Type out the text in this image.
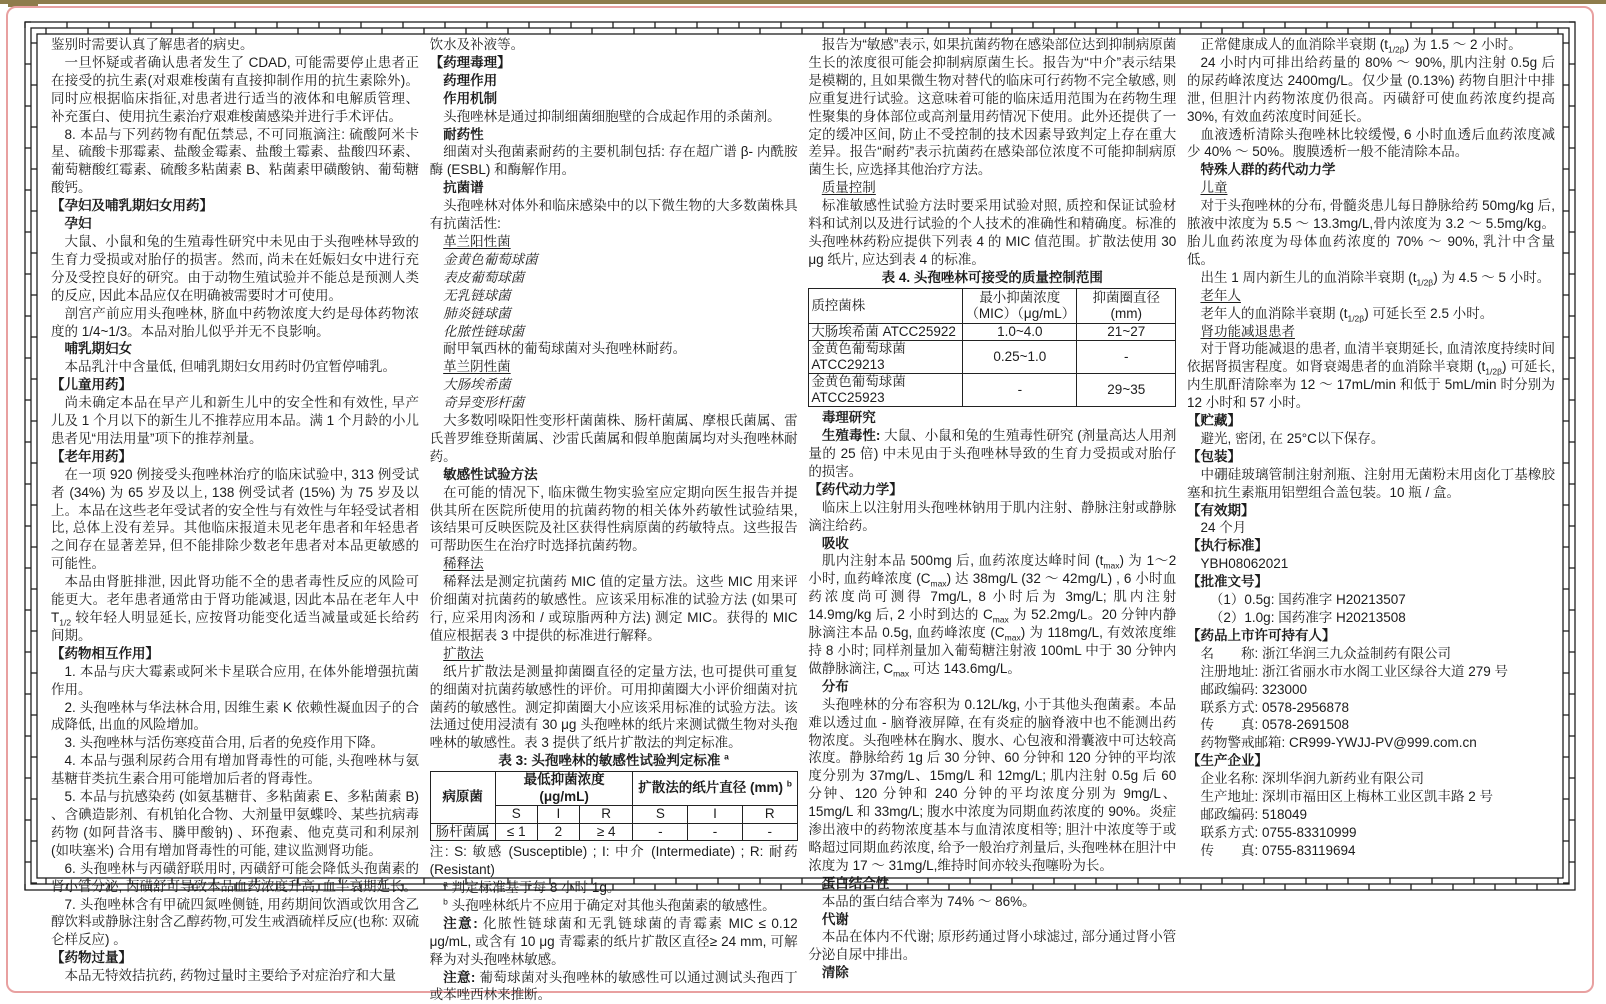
鉴别时需要认真了解患者的病史。
一旦怀疑或者确认患者发生了 CDAD, 可能需要停止患者正在接受的抗生素(对艰难梭菌有直接抑制作用的抗生素除外)。同时应根据临床指征,对患者进行适当的液体和电解质管理、补充蛋白、使用抗生素治疗艰难梭菌感染并进行手术评估。
8. 本品与下列药物有配伍禁忌, 不可同瓶滴注: 硫酸阿米卡星、硫酸卡那霉素、盐酸金霉素、盐酸土霉素、盐酸四环素、葡萄糖酸红霉素、硫酸多粘菌素 B、粘菌素甲磺酸钠、葡萄糖酸钙。
【孕妇及哺乳期妇女用药】
孕妇
大鼠、小鼠和兔的生殖毒性研究中未见由于头孢唑林导致的生育力受损或对胎仔的损害。然而, 尚未在妊娠妇女中进行充分及受控良好的研究。由于动物生殖试验并不能总是预测人类的反应, 因此本品应仅在明确被需要时才可使用。
剖宫产前应用头孢唑林, 脐血中药物浓度大约是母体药物浓度的 1/4~1/3。本品对胎儿似乎并无不良影响。
哺乳期妇女
本品乳汁中含量低, 但哺乳期妇女用药时仍宜暂停哺乳。
【儿童用药】
尚未确定本品在早产儿和新生儿中的安全性和有效性, 早产儿及 1 个月以下的新生儿不推荐应用本品。满 1 个月龄的小儿患者见“用法用量”项下的推荐剂量。
【老年用药】
在一项 920 例接受头孢唑林治疗的临床试验中, 313 例受试者 (34%) 为 65 岁及以上, 138 例受试者 (15%) 为 75 岁及以上。本品在这些老年受试者的安全性与有效性与年轻受试者相比, 总体上没有差异。其他临床报道未见老年患者和年轻患者之间存在显著差异, 但不能排除少数老年患者对本品更敏感的可能性。
本品由肾脏排泄, 因此肾功能不全的患者毒性反应的风险可能更大。老年患者通常由于肾功能减退, 因此本品在老年人中 $T_{1/2}$ 较年轻人明显延长, 应按肾功能变化适当减量或延长给药间期。
【药物相互作用】
1. 本品与庆大霉素或阿米卡星联合应用, 在体外能增强抗菌作用。
2. 头孢唑林与华法林合用, 因维生素 K 依赖性凝血因子的合成降低, 出血的风险增加。
3. 头孢唑林与活伤寒疫苗合用, 后者的免疫作用下降。
4. 本品与强利尿药合用有增加肾毒性的可能, 头孢唑林与氨基糖苷类抗生素合用可能增加后者的肾毒性。
5. 本品与抗感染药 (如氨基糖苷、多粘菌素 E、多粘菌素 B) 、含碘造影剂、有机铂化合物、大剂量甲氨蝶呤、某些抗病毒药物 (如阿昔洛韦、膦甲酸钠) 、环孢素、他克莫司和利尿剂 (如呋塞米) 合用有增加肾毒性的可能, 建议监测肾功能。
6. 头孢唑林与丙磺舒联用时, 丙磺舒可能会降低头孢菌素的肾小管分泌, 丙磺舒可导致本品血药浓度升高, 血半衰期延长。
7. 头孢唑林含有甲硫四氮唑侧链, 用药期间饮酒或饮用含乙醇饮料或静脉注射含乙醇药物,可发生戒酒硫样反应(也称: 双硫仑样反应) 。
【药物过量】
本品无特效拮抗药, 药物过量时主要给予对症治疗和大量
饮水及补液等。
【药理毒理】
药理作用
作用机制
头孢唑林是通过抑制细菌细胞壁的合成起作用的杀菌剂。
耐药性
细菌对头孢菌素耐药的主要机制包括: 存在超广谱 β- 内酰胺酶 (ESBL) 和酶解作用。
抗菌谱
头孢唑林对体外和临床感染中的以下微生物的大多数菌株具有抗菌活性:
革兰阳性菌
金黄色葡萄球菌
表皮葡萄球菌
无乳链球菌
肺炎链球菌
化脓性链球菌
耐甲氧西林的葡萄球菌对头孢唑林耐药。
革兰阴性菌
大肠埃希菌
奇异变形杆菌
大多数吲哚阳性变形杆菌菌株、肠杆菌属、摩根氏菌属、雷氏普罗维登斯菌属、沙雷氏菌属和假单胞菌属均对头孢唑林耐药。
敏感性试验方法
在可能的情况下, 临床微生物实验室应定期向医生报告并提供其所在医院所使用的抗菌药物的相关体外药敏性试验结果, 该结果可反映医院及社区获得性病原菌的药敏特点。这些报告可帮助医生在治疗时选择抗菌药物。
稀释法
稀释法是测定抗菌药 MIC 值的定量方法。这些 MIC 用来评价细菌对抗菌药的敏感性。应该采用标准的试验方法 (如果可行, 应采用肉汤和 / 或琼脂两种方法) 测定 MIC。获得的 MIC 值应根据表 3 中提供的标准进行解释。
扩散法
纸片扩散法是测量抑菌圈直径的定量方法, 也可提供可重复的细菌对抗菌药敏感性的评价。可用抑菌圈大小评价细菌对抗菌药的敏感性。测定抑菌圈大小应该采用标准的试验方法。该法通过使用浸渍有 30 μg 头孢唑林的纸片来测试微生物对头孢唑林的敏感性。表 3 提供了纸片扩散法的判定标准。
表 3: 头孢唑林的敏感性试验判定标准 $^a$
病原菌	最低抑菌浓度 (μg/mL)			扩散法的纸片直径 (mm) $^b$
	S	I	R	S	I	R
肠杆菌属	≤ 1	2	≥ 4	-	-	-
注: S: 敏感 (Susceptible) ; I: 中介 (Intermediate) ; R: 耐药 (Resistant)
$^a$ 判定标准基于每 8 小时 1g。
$^b$ 头孢唑林纸片不应用于确定对其他头孢菌素的敏感性。
注意: 化脓性链球菌和无乳链球菌的青霉素 MIC ≤ 0.12 μg/mL, 或含有 10 μg 青霉素的纸片扩散区直径≥ 24 mm, 可解释为对头孢唑林敏感。
注意: 葡萄球菌对头孢唑林的敏感性可以通过测试头孢西丁或苯唑西林来推断。
报告为“敏感”表示, 如果抗菌药物在感染部位达到抑制病原菌生长的浓度很可能会抑制病原菌生长。报告为“中介”表示结果是模糊的, 且如果微生物对替代的临床可行药物不完全敏感, 则应重复进行试验。这意味着可能的临床适用范围为在药物生理性聚集的身体部位或高剂量用药情况下使用。此外还提供了一定的缓冲区间, 防止不受控制的技术因素导致判定上存在重大差异。报告“耐药”表示抗菌药在感染部位浓度不可能抑制病原菌生长, 应选择其他治疗方法。
质量控制
标准敏感性试验方法时要采用试验对照, 质控和保证试验材料和试剂以及进行试验的个人技术的准确性和精确度。标准的头孢唑林药粉应提供下列表 4 的 MIC 值范围。扩散法使用 30 μg 纸片, 应达到表 4 的标准。
表 4. 头孢唑林可接受的质量控制范围
质控菌株	最小抑菌浓度
（MIC）（μg/mL）	抑菌圈直径(mm)
大肠埃希菌 ATCC25922	1.0~4.0	21~27
金黄色葡萄球菌
ATCC29213	0.25~1.0	-
金黄色葡萄球菌
ATCC25923	-	29~35
毒理研究
生殖毒性: 大鼠、小鼠和兔的生殖毒性研究 (剂量高达人用剂量的 25 倍) 中未见由于头孢唑林导致的生育力受损或对胎仔的损害。
【药代动力学】
临床上以注射用头孢唑林钠用于肌内注射、静脉注射或静脉滴注给药。
吸收
肌内注射本品 500mg 后, 血药浓度达峰时间 $(t_{max})$ 为 1～2 小时, 血药峰浓度 $(C_{max})$ 达 38mg/L (32 ～ 42mg/L) , 6 小时血药浓度尚可测得 7mg/L, 8 小时后为 3mg/L; 肌内注射 14.9mg/kg 后, 2 小时到达的 $C_{max}$ 为 52.2mg/L。20 分钟内静脉滴注本品 0.5g, 血药峰浓度 $(C_{max})$ 为 118mg/L, 有效浓度维持 8 小时; 同样剂量加入葡萄糖注射液 100mL 中于 30 分钟内做静脉滴注, $C_{max}$ 可达 143.6mg/L。
分布
头孢唑林的分布容积为 0.12L/kg, 小于其他头孢菌素。本品难以透过血 - 脑脊液屏障, 在有炎症的脑脊液中也不能测出药物浓度。头孢唑林在胸水、腹水、心包液和滑囊液中可达较高浓度。静脉给药 1g 后 30 分钟、60 分钟和 120 分钟的平均浓度分别为 37mg/L、15mg/L 和 12mg/L; 肌内注射 0.5g 后 60 分钟、120 分钟和 240 分钟的平均浓度分别为 9mg/L、15mg/L 和 33mg/L; 腹水中浓度为同期血药浓度的 90%。炎症渗出液中的药物浓度基本与血清浓度相等; 胆汁中浓度等于或略超过同期血药浓度, 给予一般治疗剂量后, 头孢唑林在胆汁中浓度为 17 ～ 31mg/L,维持时间亦较头孢噻吩为长。
蛋白结合性
本品的蛋白结合率为 74% ～ 86%。
代谢
本品在体内不代谢; 原形药通过肾小球滤过, 部分通过肾小管分泌自尿中排出。
清除
正常健康成人的血消除半衰期 $(t_{1/2\beta})$ 为 1.5 ～ 2 小时。
24 小时内可排出给药量的 80% ～ 90%, 肌内注射 0.5g 后的尿药峰浓度达 2400mg/L。仅少量 (0.13%) 药物自胆汁中排泄, 但胆汁内药物浓度仍很高。丙磺舒可使血药浓度约提高 30%, 有效血药浓度时间延长。
血液透析清除头孢唑林比较缓慢, 6 小时血透后血药浓度减少 40% ～ 50%。腹膜透析一般不能清除本品。
特殊人群的药代动力学
儿童
对于头孢唑林的分布, 骨髓炎患儿每日静脉给药 50mg/kg 后,脓液中浓度为 5.5 ～ 13.3mg/L,骨内浓度为 3.2 ～ 5.5mg/kg。胎儿血药浓度为母体血药浓度的 70% ～ 90%, 乳汁中含量低。
出生 1 周内新生儿的血消除半衰期 $(t_{1/2\beta})$ 为 4.5 ～ 5 小时。
老年人
老年人的血消除半衰期 $(t_{1/2\beta})$ 可延长至 2.5 小时。
肾功能减退患者
对于肾功能减退的患者, 血清半衰期延长, 血清浓度持续时间依据肾损害程度。如肾衰竭患者的血消除半衰期 $(t_{1/2\beta})$ 可延长, 内生肌酐清除率为 12 ～ 17mL/min 和低于 5mL/min 时分别为 12 小时和 57 小时。
【贮藏】
避光, 密闭, 在 25°C以下保存。
【包装】
中硼硅玻璃管制注射剂瓶、注射用无菌粉末用卤化丁基橡胶塞和抗生素瓶用铝塑组合盖包装。10 瓶 / 盒。
【有效期】
24 个月
【执行标准】
YBH08062021
【批准文号】
（1）0.5g: 国药准字 H20213507
（2）1.0g: 国药准字 H20213508
【药品上市许可持有人】
名　　称: 浙江华润三九众益制药有限公司
注册地址: 浙江省丽水市水阁工业区绿谷大道 279 号
邮政编码: 323000
联系方式: 0578-2956878
传　　真: 0578-2691508
药物警戒邮箱: CR999-YWJJ-PV@999.com.cn
【生产企业】
企业名称: 深圳华润九新药业有限公司
生产地址: 深圳市福田区上梅林工业区凯丰路 2 号
邮政编码: 518049
联系方式: 0755-83310999
传　　真: 0755-83119694
